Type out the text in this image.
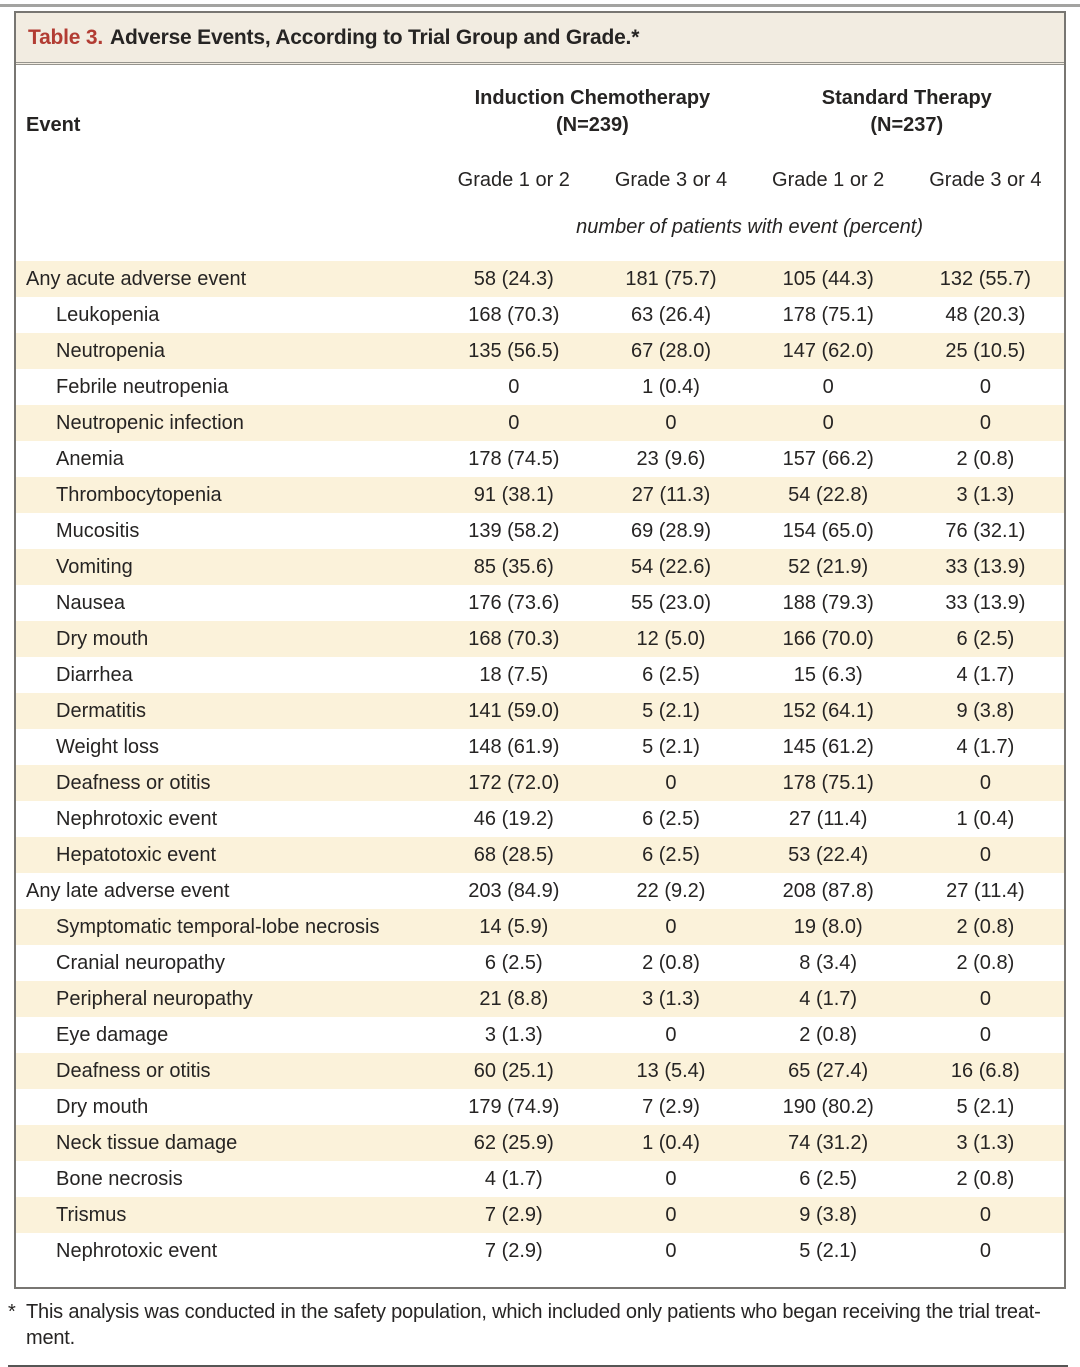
Table 3. Adverse Events, According to Trial Group and Grade.*
Event	
Induction Chemotherapy
(N=239)

Standard Therapy
(N=237)

	Grade 1 or 2	Grade 3 or 4	Grade 1 or 2	Grade 3 or 4
	number of patients with event (percent)			
Any acute adverse event	58 (24.3)	181 (75.7)	105 (44.3)	132 (55.7)
Leukopenia	168 (70.3)	63 (26.4)	178 (75.1)	48 (20.3)
Neutropenia	135 (56.5)	67 (28.0)	147 (62.0)	25 (10.5)
Febrile neutropenia	0	1 (0.4)	0	0
Neutropenic infection	0	0	0	0
Anemia	178 (74.5)	23 (9.6)	157 (66.2)	2 (0.8)
Thrombocytopenia	91 (38.1)	27 (11.3)	54 (22.8)	3 (1.3)
Mucositis	139 (58.2)	69 (28.9)	154 (65.0)	76 (32.1)
Vomiting	85 (35.6)	54 (22.6)	52 (21.9)	33 (13.9)
Nausea	176 (73.6)	55 (23.0)	188 (79.3)	33 (13.9)
Dry mouth	168 (70.3)	12 (5.0)	166 (70.0)	6 (2.5)
Diarrhea	18 (7.5)	6 (2.5)	15 (6.3)	4 (1.7)
Dermatitis	141 (59.0)	5 (2.1)	152 (64.1)	9 (3.8)
Weight loss	148 (61.9)	5 (2.1)	145 (61.2)	4 (1.7)
Deafness or otitis	172 (72.0)	0	178 (75.1)	0
Nephrotoxic event	46 (19.2)	6 (2.5)	27 (11.4)	1 (0.4)
Hepatotoxic event	68 (28.5)	6 (2.5)	53 (22.4)	0
Any late adverse event	203 (84.9)	22 (9.2)	208 (87.8)	27 (11.4)
Symptomatic temporal-lobe necrosis	14 (5.9)	0	19 (8.0)	2 (0.8)
Cranial neuropathy	6 (2.5)	2 (0.8)	8 (3.4)	2 (0.8)
Peripheral neuropathy	21 (8.8)	3 (1.3)	4 (1.7)	0
Eye damage	3 (1.3)	0	2 (0.8)	0
Deafness or otitis	60 (25.1)	13 (5.4)	65 (27.4)	16 (6.8)
Dry mouth	179 (74.9)	7 (2.9)	190 (80.2)	5 (2.1)
Neck tissue damage	62 (25.9)	1 (0.4)	74 (31.2)	3 (1.3)
Bone necrosis	4 (1.7)	0	6 (2.5)	2 (0.8)
Trismus	7 (2.9)	0	9 (3.8)	0
Nephrotoxic event	7 (2.9)	0	5 (2.1)	0

* This analysis was conducted in the safety population, which included only patients who began receiving the trial treat-
ment.
